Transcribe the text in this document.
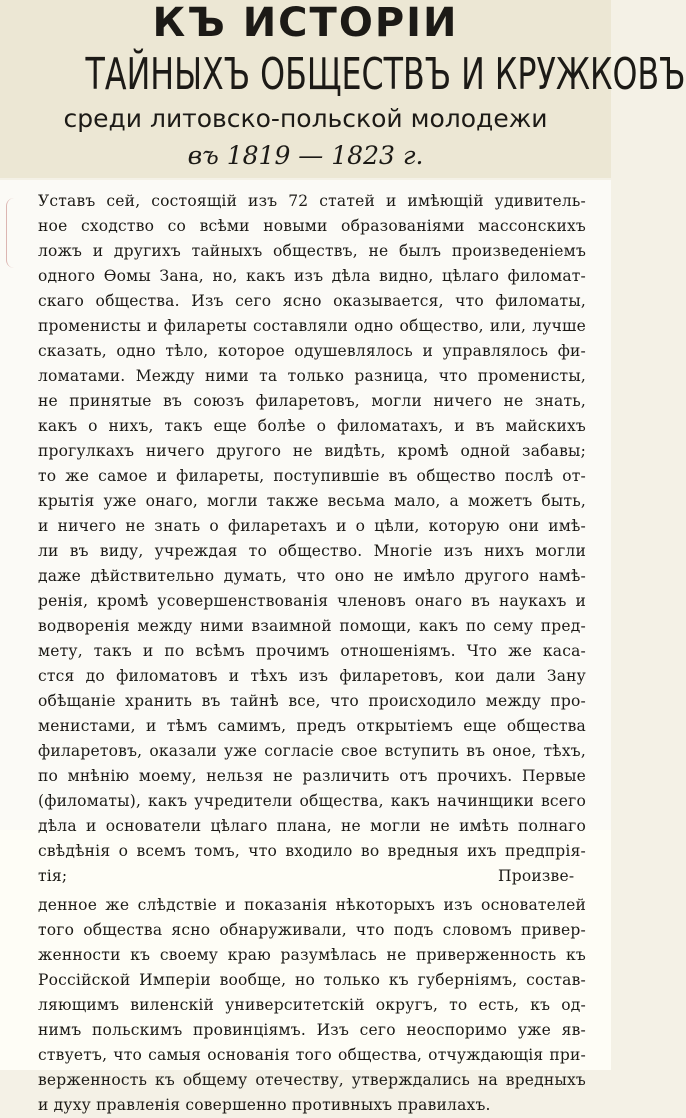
КЪ ИСТОРІИ
ТАЙНЫХЪ ОБЩЕСТВЪ И КРУЖКОВЪ
среди литовско-польской молодежи
въ 1819 — 1823 г.
Уставъ сей, состоящій изъ 72 статей и имѣющій удивитель-
ное сходство со всѣми новыми образованіями массонскихъ
ложъ и другихъ тайныхъ обществъ, не былъ произведеніемъ
одного Ѳомы Зана, но, какъ изъ дѣла видно, цѣлаго филомат-
скаго общества. Изъ сего ясно оказывается, что филоматы,
променисты и филареты составляли одно общество, или, лучше
сказать, одно тѣло, которое одушевлялось и управлялось фи-
ломатами. Между ними та только разница, что променисты,
не принятые въ союзъ филаретовъ, могли ничего не знать,
какъ о нихъ, такъ еще болѣе о филоматахъ, и въ майскихъ
прогулкахъ ничего другого не видѣть, кромѣ одной забавы;
то же самое и филареты, поступившіе въ общество послѣ от-
крытія уже онаго, могли также весьма мало, а можетъ быть,
и ничего не знать о филаретахъ и о цѣли, которую они имѣ-
ли въ виду, учреждая то общество. Многіе изъ нихъ могли
даже дѣйствительно думать, что оно не имѣло другого намѣ-
ренія, кромѣ усовершенствованія членовъ онаго въ наукахъ и
водворенія между ними взаимной помощи, какъ по сему пред-
мету, такъ и по всѣмъ прочимъ отношеніямъ. Что же каса-
стся до филоматовъ и тѣхъ изъ филаретовъ, кои дали Зану
обѣщаніе хранить въ тайнѣ все, что происходило между про-
менистами, и тѣмъ самимъ, предъ открытіемъ еще общества
филаретовъ, оказали уже согласіе свое вступить въ оное, тѣхъ,
по мнѣнію моему, нельзя не различить отъ прочихъ. Первые
(филоматы), какъ учредители общества, какъ начинщики всего
дѣла и основатели цѣлаго плана, не могли не имѣть полнаго
свѣдѣнія о всемъ томъ, что входило во вредныя ихъ предпрія-
тія;	Произве-
денное же слѣдствіе и показанія нѣкоторыхъ изъ основателей
того общества ясно обнаруживали, что подъ словомъ привер-
женности къ своему краю разумѣлась не приверженность къ
Россійской Имперіи вообще, но только къ губерніямъ, состав-
ляющимъ виленскій университетскій округъ, то есть, къ од-
нимъ польскимъ провинціямъ. Изъ сего неоспоримо уже яв-
ствуетъ, что самыя основанія того общества, отчуждающія при-
верженность къ общему отечеству, утверждались на вредныхъ
и духу правленія совершенно противныхъ правилахъ.
